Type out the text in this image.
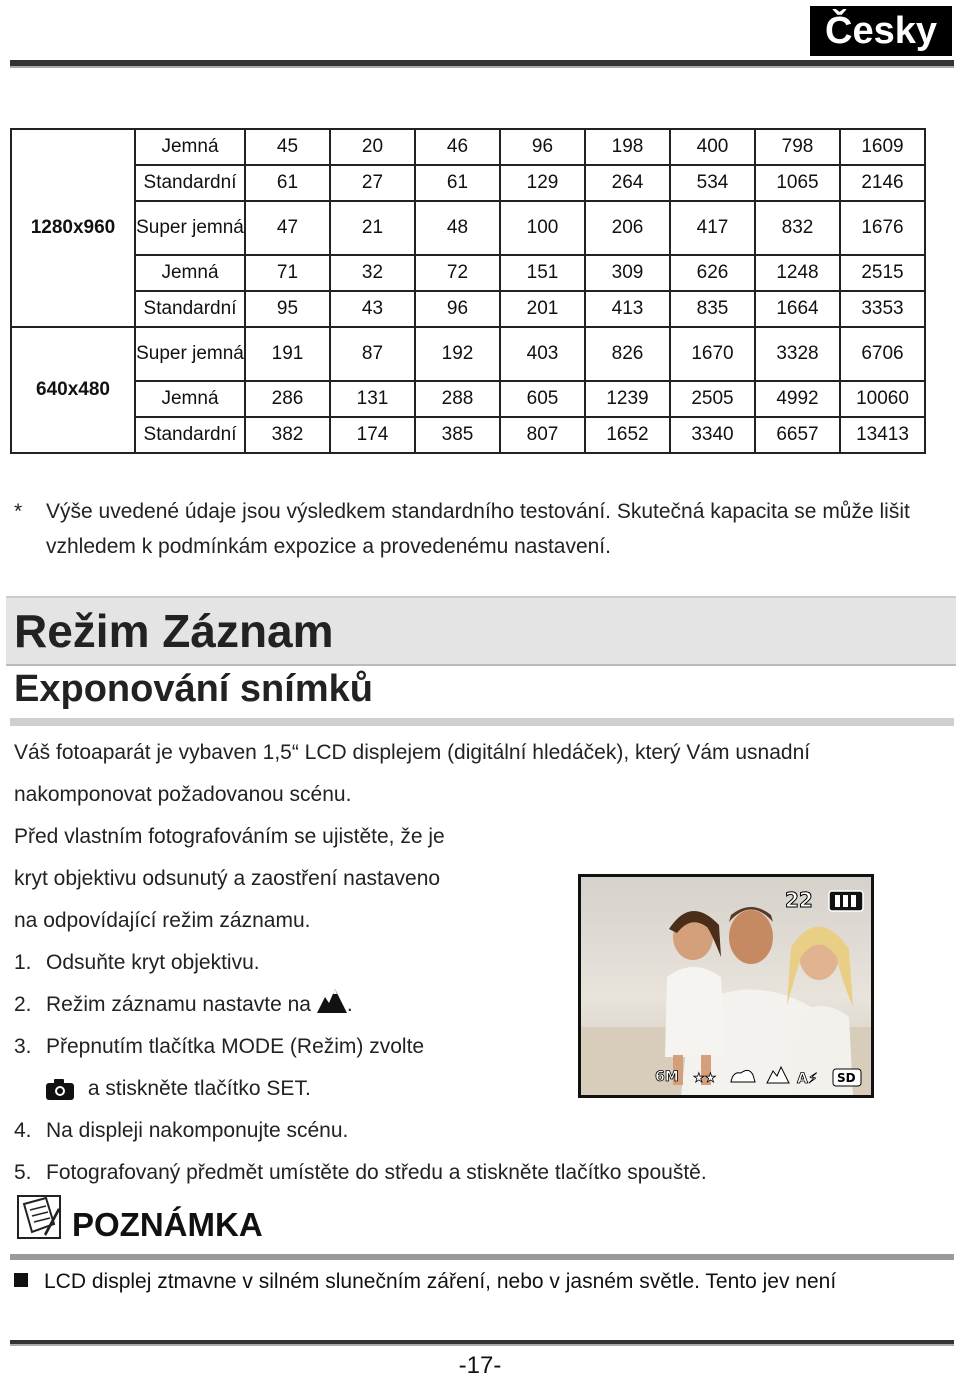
Česky
1280x960	Jemná	45	20	46	96	198	400	798	1609
	Standardní	61	27	61	129	264	534	1065	2146
	Super jemná	47	21	48	100	206	417	832	1676
	Jemná	71	32	72	151	309	626	1248	2515
	Standardní	95	43	96	201	413	835	1664	3353
640x480	Super jemná	191	87	192	403	826	1670	3328	6706
	Jemná	286	131	288	605	1239	2505	4992	10060
	Standardní	382	174	385	807	1652	3340	6657	13413
* Výše uvedené údaje jsou výsledkem standardního testování. Skutečná kapacita se může lišit vzhledem k podmínkám expozice a provedenému nastavení.
Režim Záznam
Exponování snímků
Váš fotoaparát je vybaven 1,5“ LCD displejem (digitální hledáček), který Vám usnadní
nakomponovat požadovanou scénu.
Před vlastním fotografováním se ujistěte, že je
kryt objektivu odsunutý a zaostření nastaveno
na odpovídající režim záznamu.
1. Odsuňte kryt objektivu.
2. Režim záznamu nastavte na .
3. Přepnutím tlačítka MODE (Režim) zvolte
a stiskněte tlačítko SET.
4. Na displeji nakomponujte scénu.
5. Fotografovaný předmět umístěte do středu a stiskněte tlačítko spouště.
22
6M ★★	A⚡ SD
POZNÁMKA
LCD displej ztmavne v silném slunečním záření, nebo v jasném světle. Tento jev není
-17-
